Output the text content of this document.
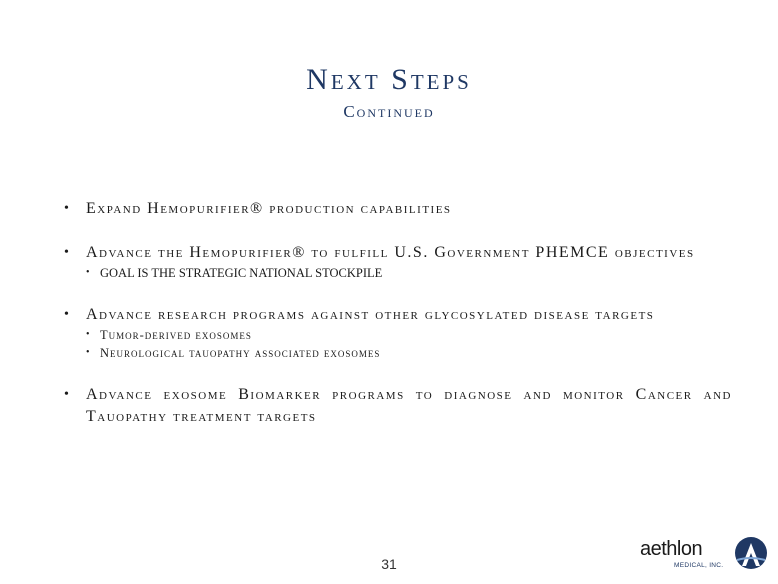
Next Steps
Continued
• Expand Hemopurifier® production capabilities
• Advance the Hemopurifier® to fulfill U.S. Government PHEMCE objectives
• GOAL IS THE STRATEGIC NATIONAL STOCKPILE
• Advance research programs against other glycosylated disease targets
• Tumor-derived exosomes
• Neurological tauopathy associated exosomes
• Advance exosome Biomarker programs to diagnose and monitor Cancer and Tauopathy treatment targets
31
aethlon
MEDICAL, INC.
